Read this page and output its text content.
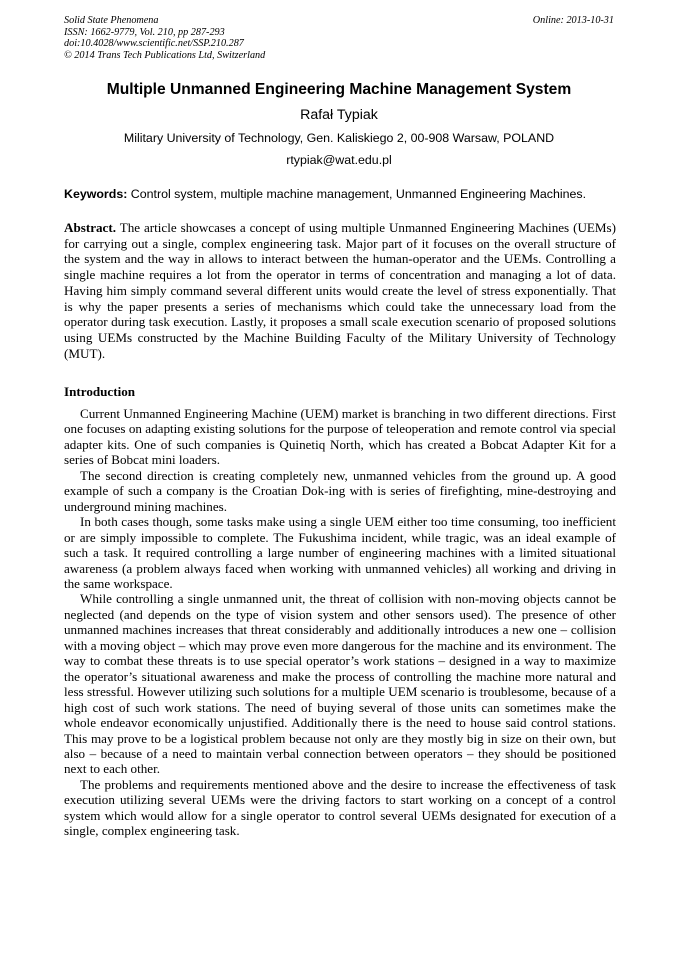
Solid State Phenomena
ISSN: 1662-9779, Vol. 210, pp 287-293
doi:10.4028/www.scientific.net/SSP.210.287
© 2014 Trans Tech Publications Ltd, Switzerland
Online: 2013-10-31
Multiple Unmanned Engineering Machine Management System
Rafał Typiak
Military University of Technology, Gen. Kaliskiego 2, 00-908 Warsaw, POLAND
rtypiak@wat.edu.pl
Keywords: Control system, multiple machine management, Unmanned Engineering Machines.
Abstract. The article showcases a concept of using multiple Unmanned Engineering Machines (UEMs) for carrying out a single, complex engineering task. Major part of it focuses on the overall structure of the system and the way in allows to interact between the human-operator and the UEMs. Controlling a single machine requires a lot from the operator in terms of concentration and managing a lot of data. Having him simply command several different units would create the level of stress exponentially. That is why the paper presents a series of mechanisms which could take the unnecessary load from the operator during task execution. Lastly, it proposes a small scale execution scenario of proposed solutions using UEMs constructed by the Machine Building Faculty of the Military University of Technology (MUT).
Introduction

Current Unmanned Engineering Machine (UEM) market is branching in two different directions. First one focuses on adapting existing solutions for the purpose of teleoperation and remote control via special adapter kits. One of such companies is Quinetiq North, which has created a Bobcat Adapter Kit for a series of Bobcat mini loaders.

The second direction is creating completely new, unmanned vehicles from the ground up. A good example of such a company is the Croatian Dok-ing with is series of firefighting, mine-destroying and underground mining machines.

In both cases though, some tasks make using a single UEM either too time consuming, too inefficient or are simply impossible to complete. The Fukushima incident, while tragic, was an ideal example of such a task. It required controlling a large number of engineering machines with a limited situational awareness (a problem always faced when working with unmanned vehicles) all working and driving in the same workspace.

While controlling a single unmanned unit, the threat of collision with non-moving objects cannot be neglected (and depends on the type of vision system and other sensors used). The presence of other unmanned machines increases that threat considerably and additionally introduces a new one – collision with a moving object – which may prove even more dangerous for the machine and its environment. The way to combat these threats is to use special operator’s work stations – designed in a way to maximize the operator’s situational awareness and make the process of controlling the machine more natural and less stressful. However utilizing such solutions for a multiple UEM scenario is troublesome, because of a high cost of such work stations. The need of buying several of those units can sometimes make the whole endeavor economically unjustified. Additionally there is the need to house said control stations. This may prove to be a logistical problem because not only are they mostly big in size on their own, but also – because of a need to maintain verbal connection between operators – they should be positioned next to each other.

The problems and requirements mentioned above and the desire to increase the effectiveness of task execution utilizing several UEMs were the driving factors to start working on a concept of a control system which would allow for a single operator to control several UEMs designated for execution of a single, complex engineering task.
